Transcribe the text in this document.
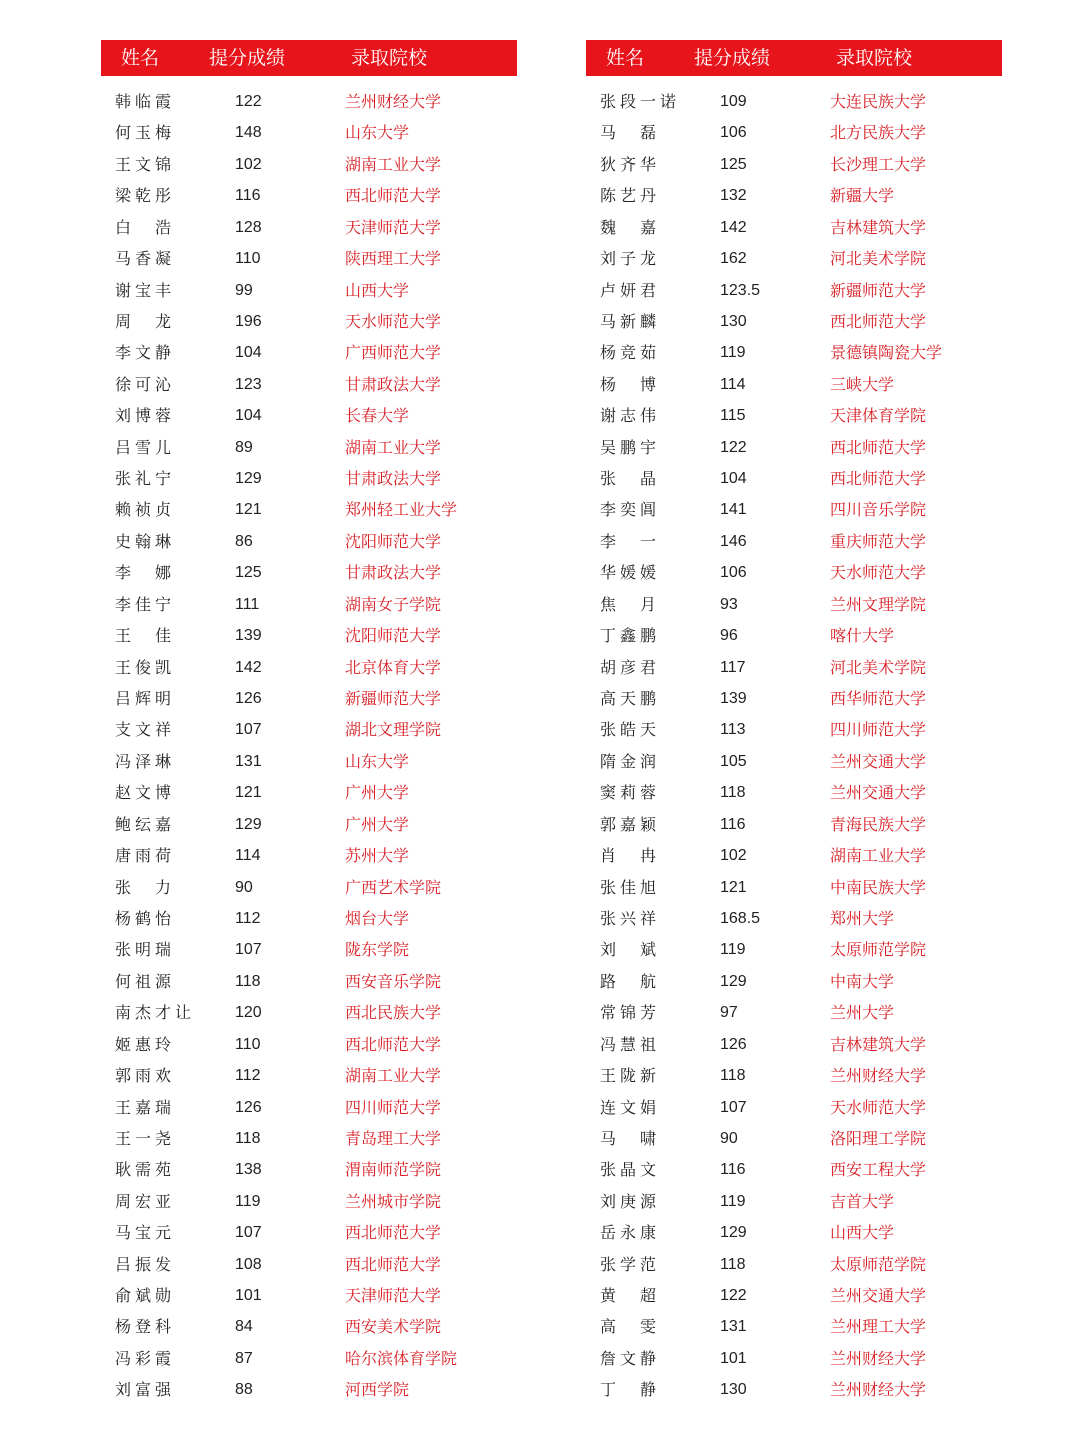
姓名	提分成绩	录取院校
韩临霞	122	兰州财经大学
何玉梅	148	山东大学
王文锦	102	湖南工业大学
梁乾彤	116	西北师范大学
白　浩	128	天津师范大学
马香凝	110	陕西理工大学
谢宝丰	99	山西大学
周　龙	196	天水师范大学
李文静	104	广西师范大学
徐可沁	123	甘肃政法大学
刘博蓉	104	长春大学
吕雪儿	89	湖南工业大学
张礼宁	129	甘肃政法大学
赖祯贞	121	郑州轻工业大学
史翰琳	86	沈阳师范大学
李　娜	125	甘肃政法大学
李佳宁	111	湖南女子学院
王　佳	139	沈阳师范大学
王俊凯	142	北京体育大学
吕辉明	126	新疆师范大学
支文祥	107	湖北文理学院
冯泽琳	131	山东大学
赵文博	121	广州大学
鲍纭嘉	129	广州大学
唐雨荷	114	苏州大学
张　力	90	广西艺术学院
杨鹤怡	112	烟台大学
张明瑞	107	陇东学院
何祖源	118	西安音乐学院
南杰才让 120	西北民族大学
姬惠玲	110	西北师范大学
郭雨欢	112	湖南工业大学
王嘉瑞	126	四川师范大学
王一尧	118	青岛理工大学
耿需苑	138	渭南师范学院
周宏亚	119	兰州城市学院
马宝元	107	西北师范大学
吕振发	108	西北师范大学
俞斌勋	101	天津师范大学
杨登科	84	西安美术学院
冯彩霞	87	哈尔滨体育学院
刘富强	88	河西学院
姓名	提分成绩	录取院校
张段一诺 109	大连民族大学
马　磊	106	北方民族大学
狄齐华	125	长沙理工大学
陈艺丹	132	新疆大学
魏　嘉	142	吉林建筑大学
刘子龙	162	河北美术学院
卢妍君	123.5	新疆师范大学
马新麟	130	西北师范大学
杨竞茹	119	景德镇陶瓷大学
杨　博	114	三峡大学
谢志伟	115	天津体育学院
吴鹏宇	122	西北师范大学
张　晶	104	西北师范大学
李奕阊	141	四川音乐学院
李　一	146	重庆师范大学
华媛媛	106	天水师范大学
焦　月	93	兰州文理学院
丁鑫鹏	96	喀什大学
胡彦君	117	河北美术学院
高天鹏	139	西华师范大学
张皓天	113	四川师范大学
隋金润	105	兰州交通大学
窦莉蓉	118	兰州交通大学
郭嘉颖	116	青海民族大学
肖　冉	102	湖南工业大学
张佳旭	121	中南民族大学
张兴祥	168.5	郑州大学
刘　斌	119	太原师范学院
路　航	129	中南大学
常锦芳	97	兰州大学
冯慧祖	126	吉林建筑大学
王陇新	118	兰州财经大学
连文娟	107	天水师范大学
马　啸	90	洛阳理工学院
张晶文	116	西安工程大学
刘庚源	119	吉首大学
岳永康	129	山西大学
张学范	118	太原师范学院
黄　超	122	兰州交通大学
高　雯	131	兰州理工大学
詹文静	101	兰州财经大学
丁　静	130	兰州财经大学
